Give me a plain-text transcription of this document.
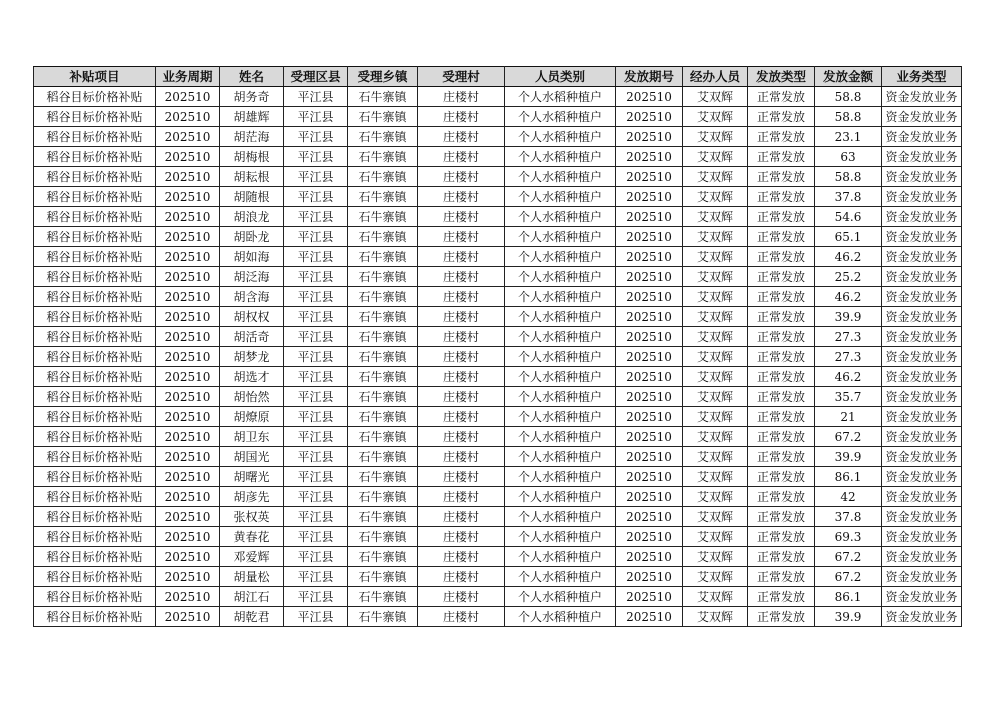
补贴项目	业务周期	姓名	受理区县	受理乡镇	受理村	人员类别	发放期号	经办人员	发放类型	发放金额	业务类型
稻谷目标价格补贴	202510	胡务奇	平江县	石牛寨镇	庄楼村	个人水稻种植户	202510	艾双辉	正常发放	58.8	资金发放业务
稻谷目标价格补贴	202510	胡雄辉	平江县	石牛寨镇	庄楼村	个人水稻种植户	202510	艾双辉	正常发放	58.8	资金发放业务
稻谷目标价格补贴	202510	胡茫海	平江县	石牛寨镇	庄楼村	个人水稻种植户	202510	艾双辉	正常发放	23.1	资金发放业务
稻谷目标价格补贴	202510	胡梅根	平江县	石牛寨镇	庄楼村	个人水稻种植户	202510	艾双辉	正常发放	63	资金发放业务
稻谷目标价格补贴	202510	胡耘根	平江县	石牛寨镇	庄楼村	个人水稻种植户	202510	艾双辉	正常发放	58.8	资金发放业务
稻谷目标价格补贴	202510	胡随根	平江县	石牛寨镇	庄楼村	个人水稻种植户	202510	艾双辉	正常发放	37.8	资金发放业务
稻谷目标价格补贴	202510	胡浪龙	平江县	石牛寨镇	庄楼村	个人水稻种植户	202510	艾双辉	正常发放	54.6	资金发放业务
稻谷目标价格补贴	202510	胡卧龙	平江县	石牛寨镇	庄楼村	个人水稻种植户	202510	艾双辉	正常发放	65.1	资金发放业务
稻谷目标价格补贴	202510	胡如海	平江县	石牛寨镇	庄楼村	个人水稻种植户	202510	艾双辉	正常发放	46.2	资金发放业务
稻谷目标价格补贴	202510	胡泛海	平江县	石牛寨镇	庄楼村	个人水稻种植户	202510	艾双辉	正常发放	25.2	资金发放业务
稻谷目标价格补贴	202510	胡含海	平江县	石牛寨镇	庄楼村	个人水稻种植户	202510	艾双辉	正常发放	46.2	资金发放业务
稻谷目标价格补贴	202510	胡权权	平江县	石牛寨镇	庄楼村	个人水稻种植户	202510	艾双辉	正常发放	39.9	资金发放业务
稻谷目标价格补贴	202510	胡活奇	平江县	石牛寨镇	庄楼村	个人水稻种植户	202510	艾双辉	正常发放	27.3	资金发放业务
稻谷目标价格补贴	202510	胡梦龙	平江县	石牛寨镇	庄楼村	个人水稻种植户	202510	艾双辉	正常发放	27.3	资金发放业务
稻谷目标价格补贴	202510	胡选才	平江县	石牛寨镇	庄楼村	个人水稻种植户	202510	艾双辉	正常发放	46.2	资金发放业务
稻谷目标价格补贴	202510	胡怡然	平江县	石牛寨镇	庄楼村	个人水稻种植户	202510	艾双辉	正常发放	35.7	资金发放业务
稻谷目标价格补贴	202510	胡燎原	平江县	石牛寨镇	庄楼村	个人水稻种植户	202510	艾双辉	正常发放	21	资金发放业务
稻谷目标价格补贴	202510	胡卫东	平江县	石牛寨镇	庄楼村	个人水稻种植户	202510	艾双辉	正常发放	67.2	资金发放业务
稻谷目标价格补贴	202510	胡国光	平江县	石牛寨镇	庄楼村	个人水稻种植户	202510	艾双辉	正常发放	39.9	资金发放业务
稻谷目标价格补贴	202510	胡曙光	平江县	石牛寨镇	庄楼村	个人水稻种植户	202510	艾双辉	正常发放	86.1	资金发放业务
稻谷目标价格补贴	202510	胡彦先	平江县	石牛寨镇	庄楼村	个人水稻种植户	202510	艾双辉	正常发放	42	资金发放业务
稻谷目标价格补贴	202510	张权英	平江县	石牛寨镇	庄楼村	个人水稻种植户	202510	艾双辉	正常发放	37.8	资金发放业务
稻谷目标价格补贴	202510	黄春花	平江县	石牛寨镇	庄楼村	个人水稻种植户	202510	艾双辉	正常发放	69.3	资金发放业务
稻谷目标价格补贴	202510	邓爱辉	平江县	石牛寨镇	庄楼村	个人水稻种植户	202510	艾双辉	正常发放	67.2	资金发放业务
稻谷目标价格补贴	202510	胡量松	平江县	石牛寨镇	庄楼村	个人水稻种植户	202510	艾双辉	正常发放	67.2	资金发放业务
稻谷目标价格补贴	202510	胡江石	平江县	石牛寨镇	庄楼村	个人水稻种植户	202510	艾双辉	正常发放	86.1	资金发放业务
稻谷目标价格补贴	202510	胡乾君	平江县	石牛寨镇	庄楼村	个人水稻种植户	202510	艾双辉	正常发放	39.9	资金发放业务
